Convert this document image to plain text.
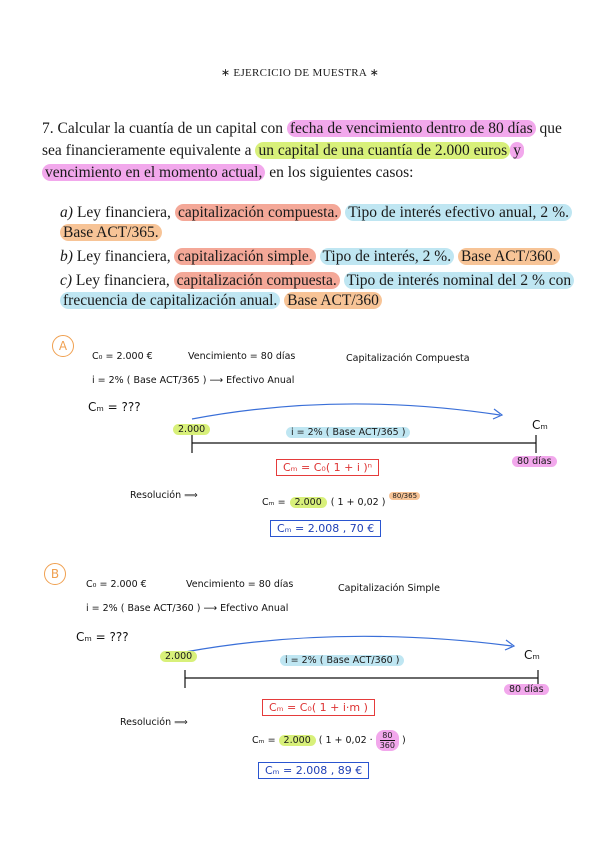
∗ EJERCICIO DE MUESTRA ∗
7. Calcular la cuantía de un capital con fecha de vencimiento dentro de 80 días que sea financieramente equivalente a un capital de una cuantía de 2.000 euros y vencimiento en el momento actual, en los siguientes casos:
a) Ley financiera, capitalización compuesta. Tipo de interés efectivo anual, 2 %. Base ACT/365.
b) Ley financiera, capitalización simple. Tipo de interés, 2 %. Base ACT/360.
c) Ley financiera, capitalización compuesta. Tipo de interés nominal del 2 % con frecuencia de capitalización anual. Base ACT/360
A
C₀ = 2.000 €	Vencimiento = 80 días	Capitalización Compuesta
i = 2% ( Base ACT/365 ) ⟶ Efectivo Anual
Cₘ = ???
2.000	i = 2% ( Base ACT/365 )
Cₘ
80 días
Cₘ = C₀( 1 + i )ⁿ
Resolución ⟹
Cₘ = 2.000 ( 1 + 0,02 ) $^{80/365}$
Cₘ = 2.008 , 70 €
B
C₀ = 2.000 €	Vencimiento = 80 días	Capitalización Simple
i = 2% ( Base ACT/360 ) ⟶ Efectivo Anual
Cₘ = ???
2.000	i = 2% ( Base ACT/360 )	Cₘ
80 días
Cₘ = C₀( 1 + i·m )
Resolución ⟹
Cₘ = 2.000 ( $1 + 0,02 \cdot \frac{80}{360}$ )
Cₘ = 2.008 , 89 €
